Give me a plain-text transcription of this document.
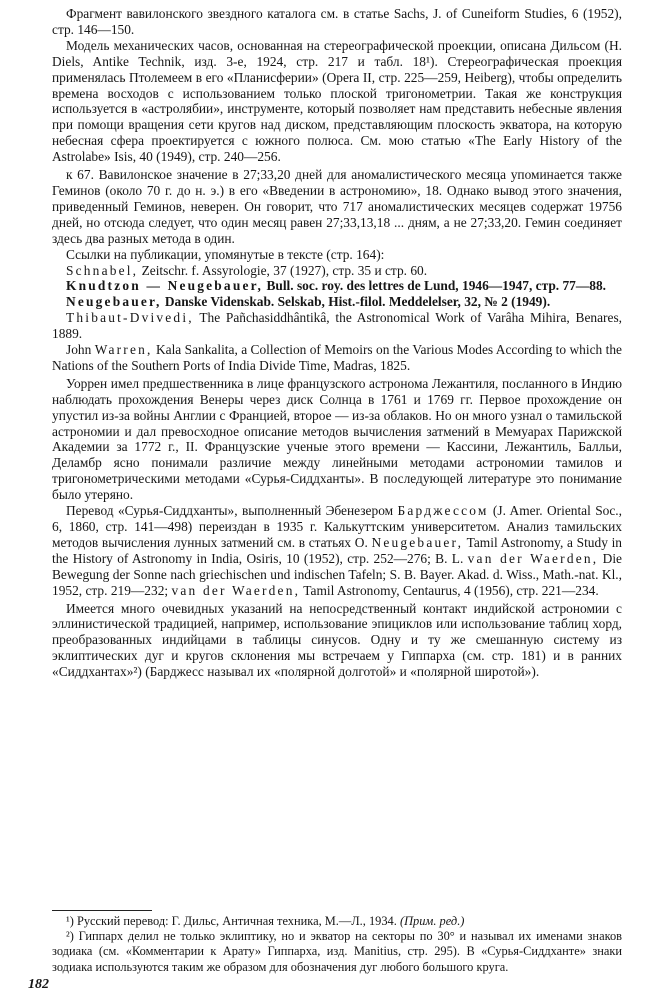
Фрагмент вавилонского звездного каталога см. в статье Sachs, J. of Cuneiform Studies, 6 (1952), стр. 146—150.

Модель механических часов, основанная на стереографической проекции, описана Дильсом (Н. Diels, Antike Technik, изд. 3-е, 1924, стр. 217 и табл. 18¹). Стереографическая проекция применялась Птолемеем в его «Планисферии» (Opera II, стр. 225—259, Heiberg), чтобы определить времена восходов с использованием только плоской тригонометрии. Такая же конструкция используется в «астролябии», инструменте, который позволяет нам представить небесные явления при помощи вращения сети кругов над диском, представляющим плоскость экватора, на которую небесная сфера проектируется с южного полюса. См. мою статью «The Early History of the Astrolabe» Isis, 40 (1949), стр. 240—256.

к 67. Вавилонское значение в 27;33,20 дней для аномалистического месяца упоминается также Геминов (около 70 г. до н. э.) в его «Введении в астрономию», 18. Однако вывод этого значения, приведенный Геминов, неверен. Он говорит, что 717 аномалистических месяцев содержат 19756 дней, но отсюда следует, что один месяц равен 27;33,13,18 ... дням, а не 27;33,20. Гемин соединяет здесь два разных метода в один.

Ссылки на публикации, упомянутые в тексте (стр. 164):

Schnabel, Zeitschr. f. Assyrologie, 37 (1927), стр. 35 и стр. 60.

Knudtzon — Neugebauer, Bull. soc. roy. des lettres de Lund, 1946—1947, стр. 77—88.

Neugebauer, Danske Videnskab. Selskab, Hist.-filol. Meddelelser, 32, № 2 (1949).

Thibaut-Dvivedi, The Pañchasiddhântikâ, the Astronomical Work of Varâha Mihira, Benares, 1889.

John Warren, Kala Sankalita, a Collection of Memoirs on the Various Modes According to which the Nations of the Southern Ports of India Divide Time, Madras, 1825.

Уоррен имел предшественника в лице французского астронома Лежантиля, посланного в Индию наблюдать прохождения Венеры через диск Солнца в 1761 и 1769 гг. Первое прохождение он упустил из-за войны Англии с Францией, второе — из-за облаков. Но он много узнал о тамильской астрономии и дал превосходное описание методов вычисления затмений в Мемуарах Парижской Академии за 1772 г., II. Французские ученые этого времени — Кассини, Лежантиль, Балльи, Деламбр ясно понимали различие между линейными методами астрономии тамилов и тригонометрическими методами «Сурья-Сиддханты». В последующей литературе это понимание было утеряно.

Перевод «Сурья-Сиддханты», выполненный Эбенезером Барджессом (J. Amer. Oriental Soc., 6, 1860, стр. 141—498) переиздан в 1935 г. Калькуттским университетом. Анализ тамильских методов вычисления лунных затмений см. в статьях О. Neugebauer, Tamil Astronomy, a Study in the History of Astronomy in India, Osiris, 10 (1952), стр. 252—276; B. L. van der Waerden, Die Bewegung der Sonne nach griechischen und indischen Tafeln; S. B. Bayer. Akad. d. Wiss., Math.-nat. Kl., 1952, стр. 219—232; van der Waerden, Tamil Astronomy, Centaurus, 4 (1956), стр. 221—234.

Имеется много очевидных указаний на непосредственный контакт индийской астрономии с эллинистической традицией, например, использование эпициклов или использование таблиц хорд, преобразованных индийцами в таблицы синусов. Одну и ту же смешанную систему из эклиптических дуг и кругов склонения мы встречаем у Гиппарха (см. стр. 181) и в ранних «Сиддхантах»²) (Барджесс называл их «полярной долготой» и «полярной широтой»).

¹) Русский перевод: Г. Дильс, Античная техника, М.—Л., 1934. (Прим. ред.)

²) Гиппарх делил не только эклиптику, но и экватор на секторы по 30° и называл их именами знаков зодиака (см. «Комментарии к Арату» Гиппарха, изд. Manitius, стр. 295). В «Сурья-Сиддханте» знаки зодиака используются таким же образом для обозначения дуг любого большого круга.

182
